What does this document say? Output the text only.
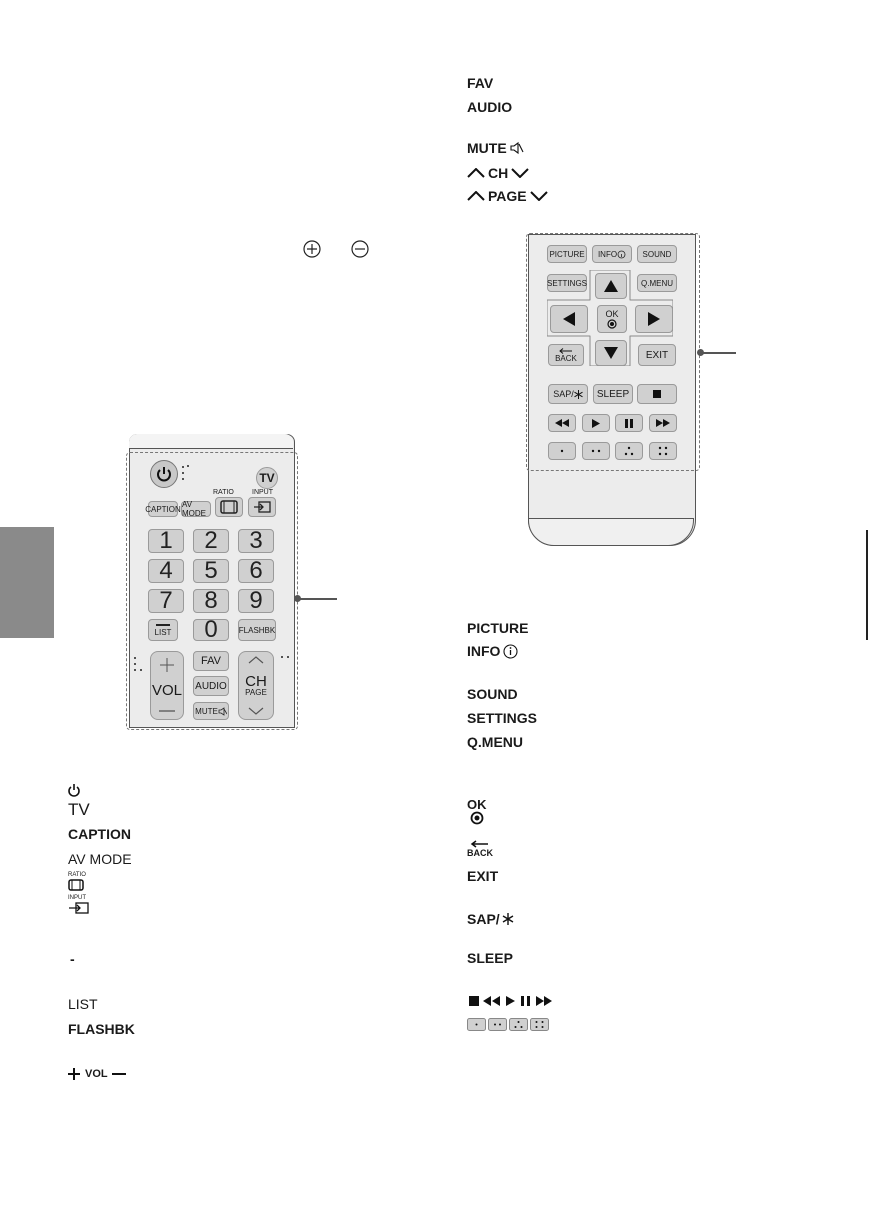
TV
CAPTION AV MODE
RATIO	INPUT
1 2 3
4 5 6
7 8 9
LIST 0	FLASHBK
VOL
FAV
AUDIO
MUTE
CH
PAGE
PICTURE INFO	SOUND
SETTINGS	Q.MENU
OK
BACK	EXIT
SAP/ SLEEP
TV
CAPTION
AV MODE
RATIO
INPUT
-
LIST
FLASHBK
VOL
FAV
AUDIO
MUTE
CH
PAGE
PICTURE
INFO
SOUND
SETTINGS
Q.MENU
OK
BACK
EXIT
SAP/
SLEEP
